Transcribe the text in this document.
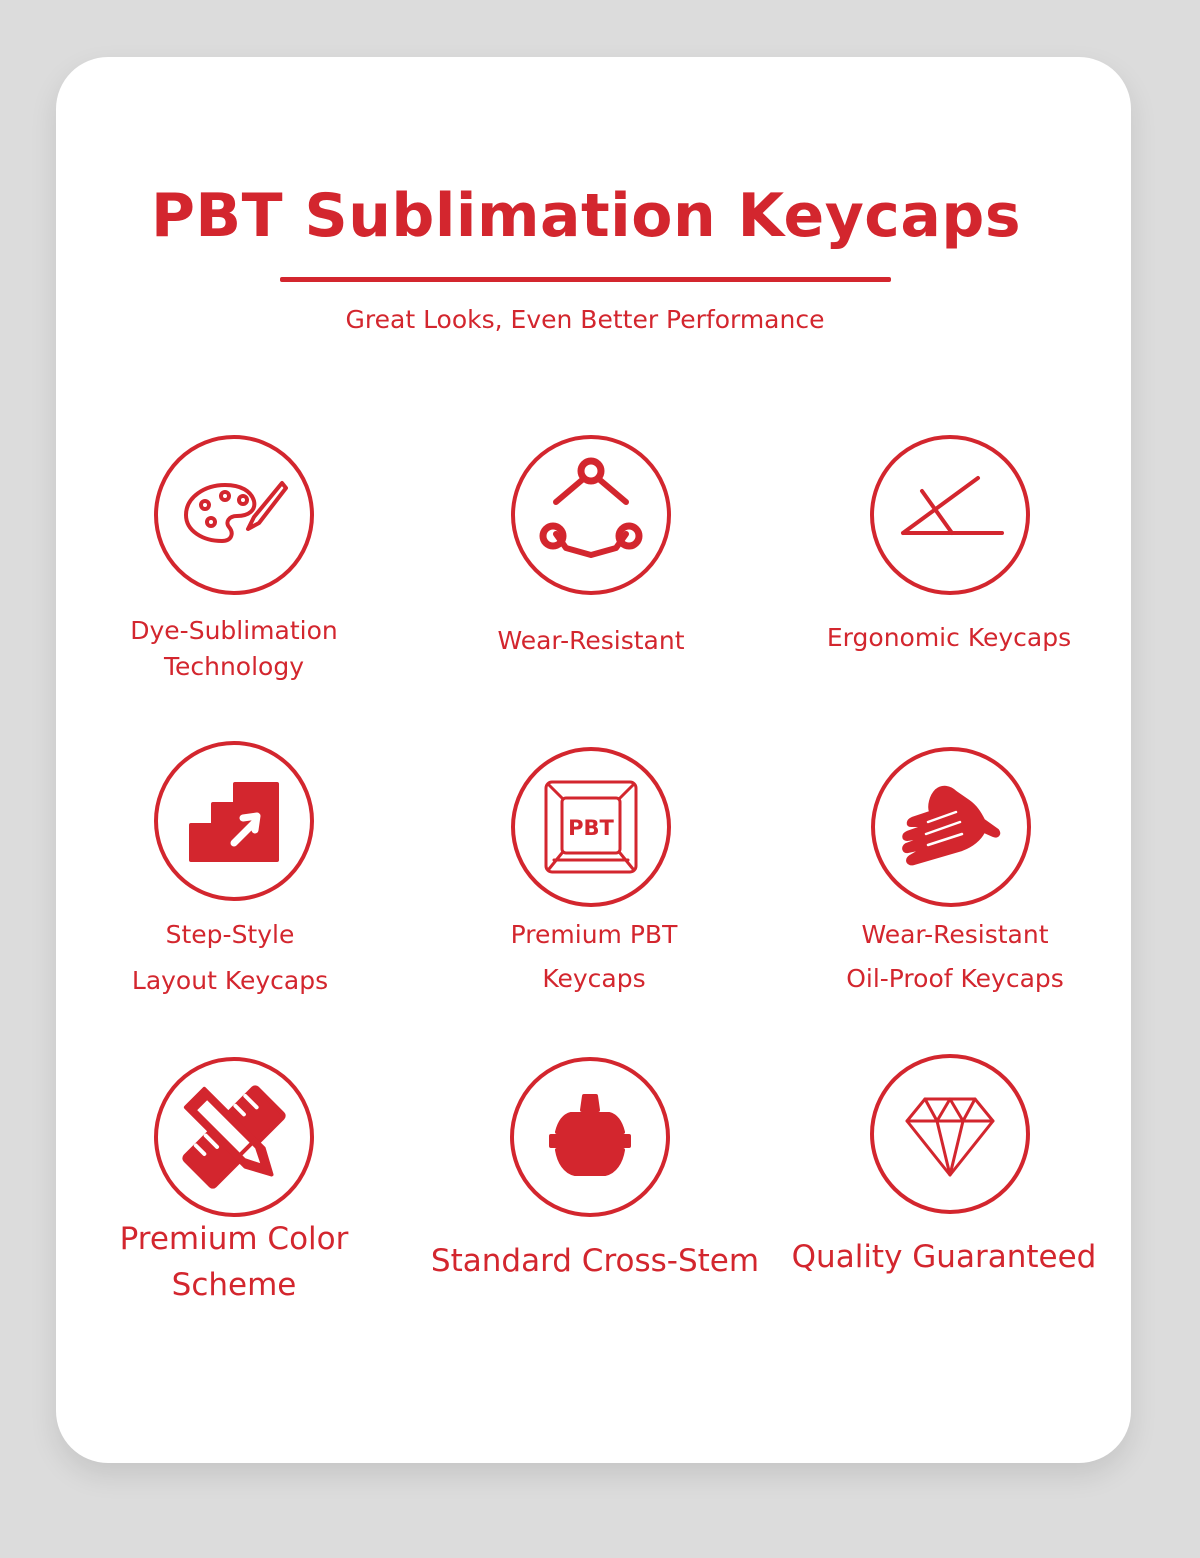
PBT Sublimation Keycaps
Great Looks, Even Better Performance
Dye-Sublimation
Technology
Wear-Resistant	Ergonomic Keycaps
PBT
Step-Style
Layout Keycaps
Premium PBT
Keycaps
Wear-Resistant
Oil-Proof Keycaps
Premium Color
Scheme
Standard Cross-Stem	Quality Guaranteed
